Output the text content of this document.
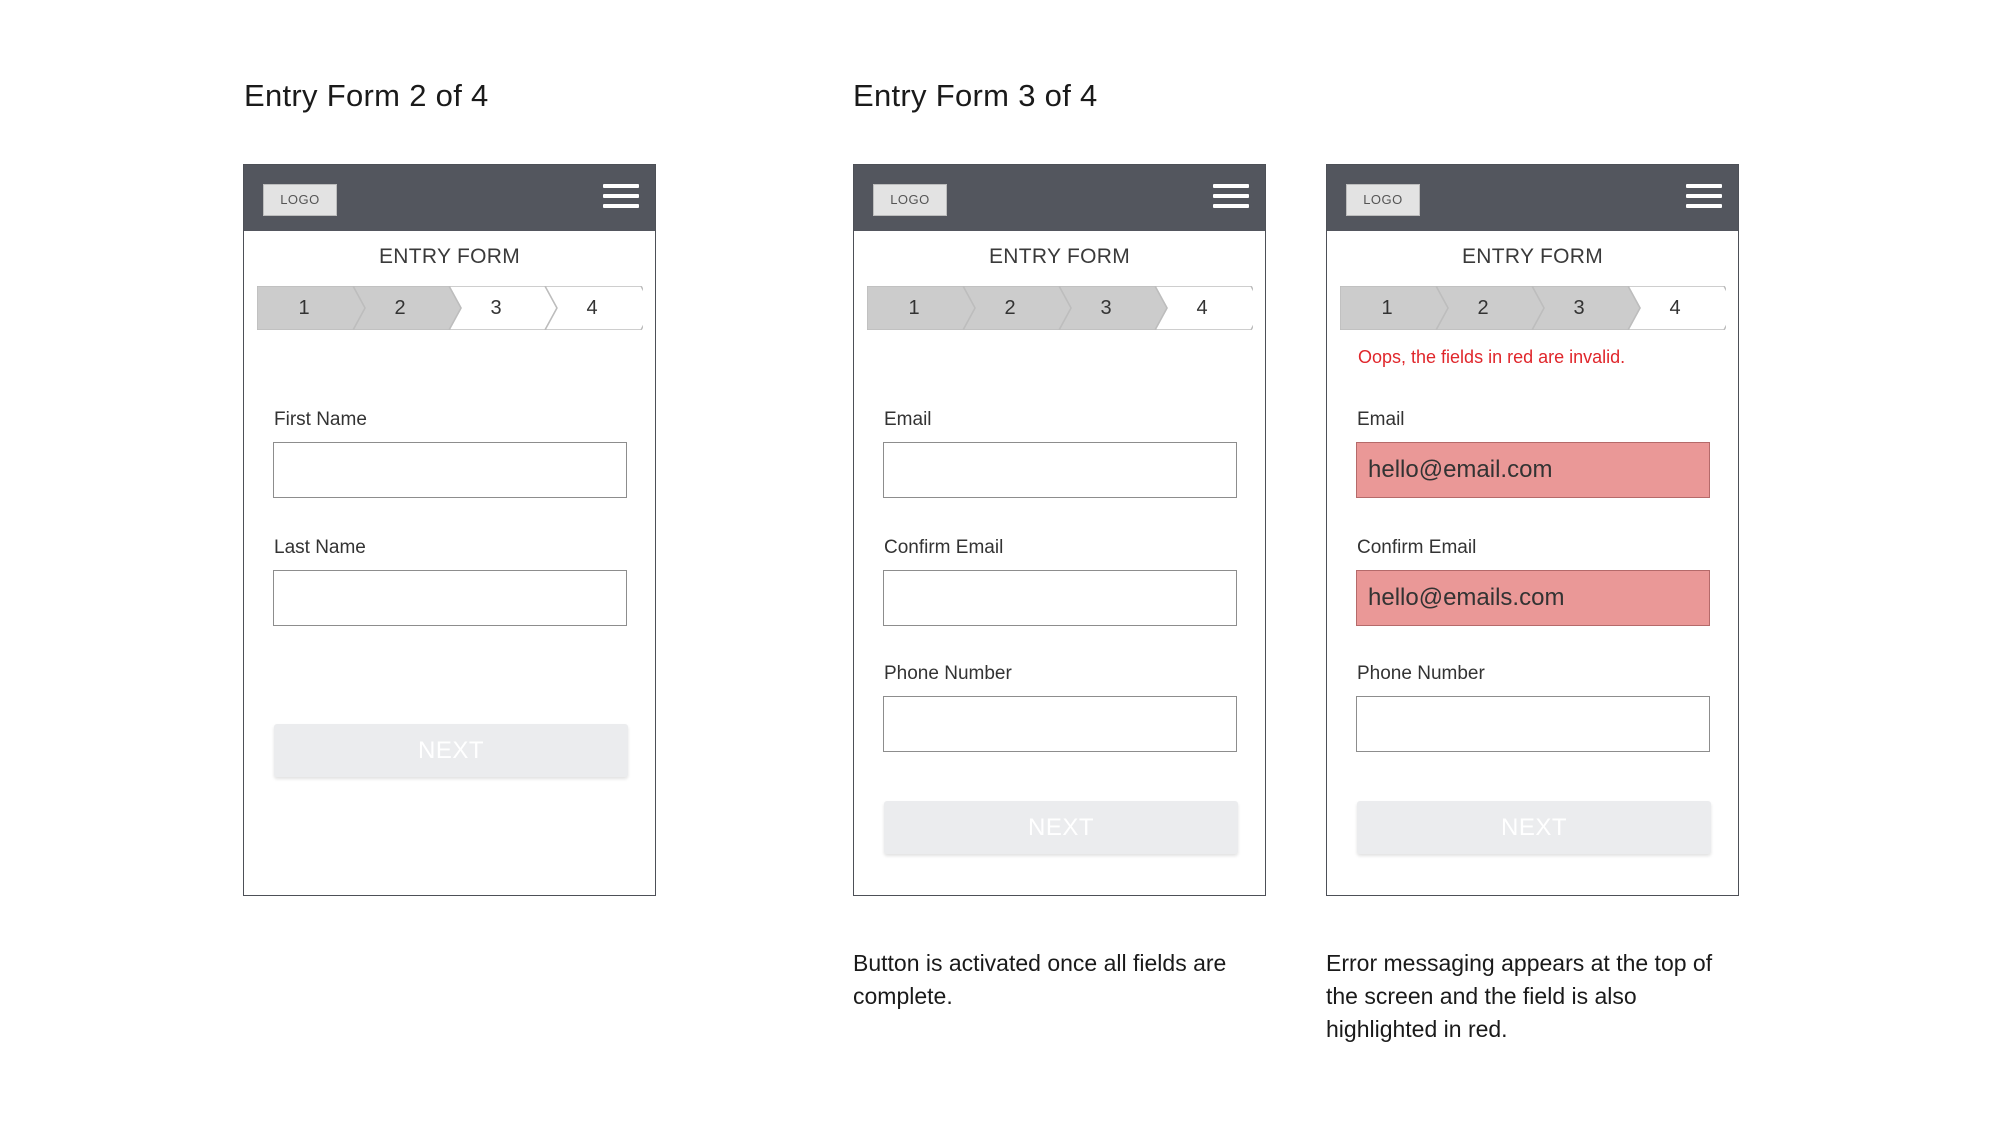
Entry Form 2 of 4	Entry Form 3 of 4
LOGO
ENTRY FORM
1	2	3	4
First Name
Last Name
NEXT
LOGO
ENTRY FORM
1	2	3	4
Email
Confirm Email
Phone Number
NEXT
LOGO
ENTRY FORM
1	2	3	4
Oops, the fields in red are invalid.
Email
hello@email.com
Confirm Email
hello@emails.com
Phone Number
NEXT
Button is activated once all fields are complete.
Error messaging appears at the top of the screen and the field is also highlighted in red.
